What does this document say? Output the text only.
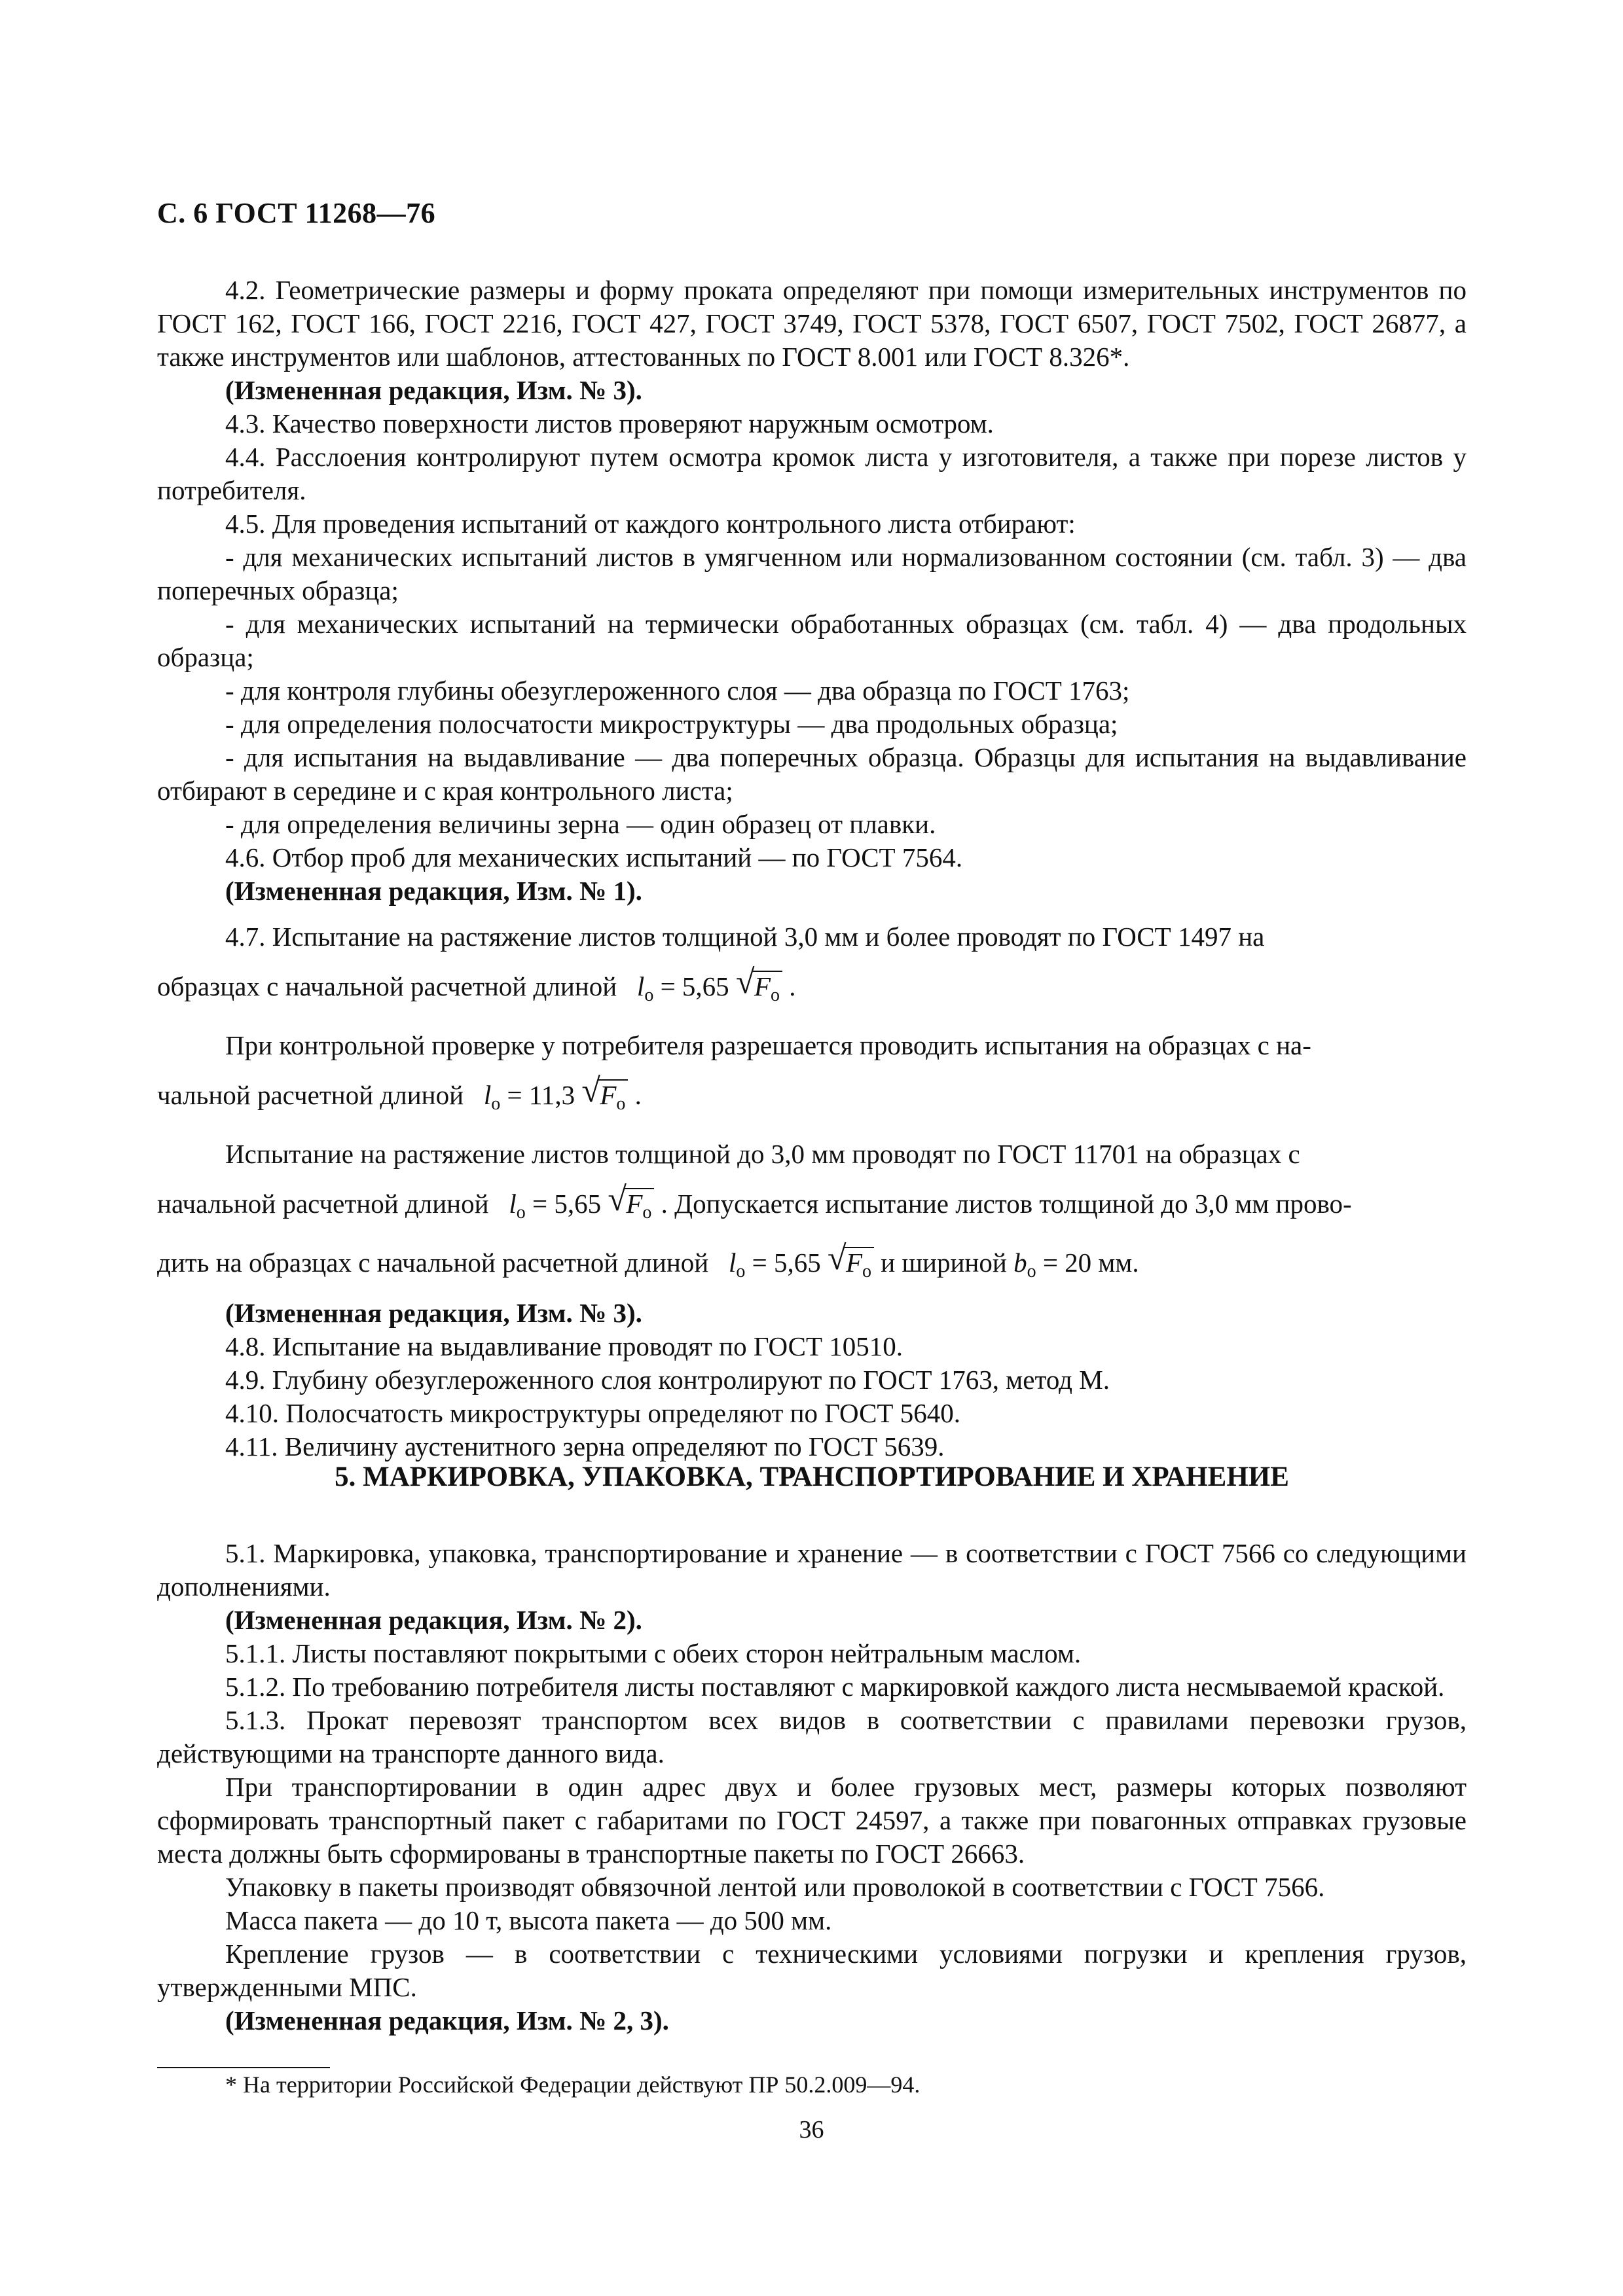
С. 6 ГОСТ 11268—76

4.2. Геометрические размеры и форму проката определяют при помощи измерительных инструментов по ГОСТ 162, ГОСТ 166, ГОСТ 2216, ГОСТ 427, ГОСТ 3749, ГОСТ 5378, ГОСТ 6507, ГОСТ 7502, ГОСТ 26877, а также инструментов или шаблонов, аттестованных по ГОСТ 8.001 или ГОСТ 8.326*.

(Измененная редакция, Изм. № 3).

4.3. Качество поверхности листов проверяют наружным осмотром.

4.4. Расслоения контролируют путем осмотра кромок листа у изготовителя, а также при порезе листов у потребителя.

4.5. Для проведения испытаний от каждого контрольного листа отбирают:

- для механических испытаний листов в умягченном или нормализованном состоянии (см. табл. 3) — два поперечных образца;

- для механических испытаний на термически обработанных образцах (см. табл. 4) — два продольных образца;

- для контроля глубины обезуглероженного слоя — два образца по ГОСТ 1763;

- для определения полосчатости микроструктуры — два продольных образца;

- для испытания на выдавливание — два поперечных образца. Образцы для испытания на выдавливание отбирают в середине и с края контрольного листа;

- для определения величины зерна — один образец от плавки.

4.6. Отбор проб для механических испытаний — по ГОСТ 7564.

(Измененная редакция, Изм. № 1).

4.7. Испытание на растяжение листов толщиной 3,0 мм и более проводят по ГОСТ 1497 на

образцах с начальной расчетной длиной $l_о = 5,65$ √ $F_о$ .

При контрольной проверке у потребителя разрешается проводить испытания на образцах с на-

чальной расчетной длиной $l_о = 11,3$ √ $F_о$ .

Испытание на растяжение листов толщиной до 3,0 мм проводят по ГОСТ 11701 на образцах с

начальной расчетной длиной $l_о = 5,65$ √ $F_о$ . Допускается испытание листов толщиной до 3,0 мм прово-

дить на образцах с начальной расчетной длиной $l_о = 5,65$ √ $F_о$ и шириной $b_о = 20$ мм.

(Измененная редакция, Изм. № 3).

4.8. Испытание на выдавливание проводят по ГОСТ 10510.

4.9. Глубину обезуглероженного слоя контролируют по ГОСТ 1763, метод М.

4.10. Полосчатость микроструктуры определяют по ГОСТ 5640.

4.11. Величину аустенитного зерна определяют по ГОСТ 5639.

5. МАРКИРОВКА, УПАКОВКА, ТРАНСПОРТИРОВАНИЕ И ХРАНЕНИЕ

5.1. Маркировка, упаковка, транспортирование и хранение — в соответствии с ГОСТ 7566 со следующими дополнениями.

(Измененная редакция, Изм. № 2).

5.1.1. Листы поставляют покрытыми с обеих сторон нейтральным маслом.

5.1.2. По требованию потребителя листы поставляют с маркировкой каждого листа несмываемой краской.

5.1.3. Прокат перевозят транспортом всех видов в соответствии с правилами перевозки грузов, действующими на транспорте данного вида.

При транспортировании в один адрес двух и более грузовых мест, размеры которых позволяют сформировать транспортный пакет с габаритами по ГОСТ 24597, а также при повагонных отправках грузовые места должны быть сформированы в транспортные пакеты по ГОСТ 26663.

Упаковку в пакеты производят обвязочной лентой или проволокой в соответствии с ГОСТ 7566.

Масса пакета — до 10 т, высота пакета — до 500 мм.

Крепление грузов — в соответствии с техническими условиями погрузки и крепления грузов, утвержденными МПС.

(Измененная редакция, Изм. № 2, 3).

* На территории Российской Федерации действуют ПР 50.2.009—94.
36
